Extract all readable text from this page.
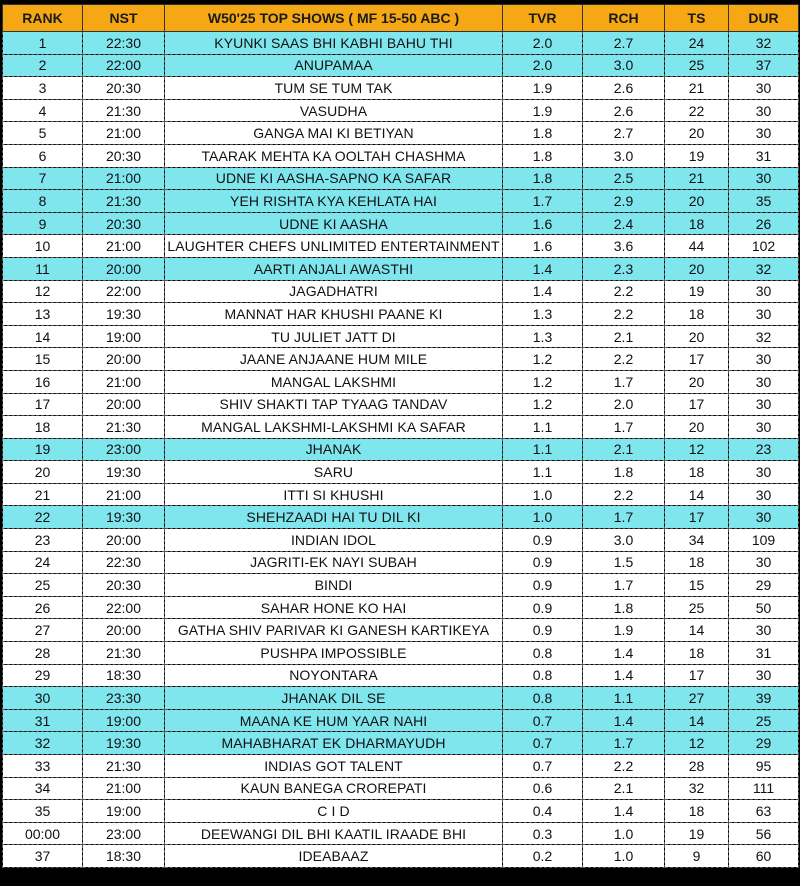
RANK	NST	W50'25 TOP SHOWS ( MF 15-50 ABC )	TVR	RCH	TS	DUR
1	22:30	KYUNKI SAAS BHI KABHI BAHU THI	2.0	2.7	24	32
2	22:00	ANUPAMAA	2.0	3.0	25	37
3	20:30	TUM SE TUM TAK	1.9	2.6	21	30
4	21:30	VASUDHA	1.9	2.6	22	30
5	21:00	GANGA MAI KI BETIYAN	1.8	2.7	20	30
6	20:30	TAARAK MEHTA KA OOLTAH CHASHMA	1.8	3.0	19	31
7	21:00	UDNE KI AASHA-SAPNO KA SAFAR	1.8	2.5	21	30
8	21:30	YEH RISHTA KYA KEHLATA HAI	1.7	2.9	20	35
9	20:30	UDNE KI AASHA	1.6	2.4	18	26
10	21:00	LAUGHTER CHEFS UNLIMITED ENTERTAINMENT	1.6	3.6	44	102
11	20:00	AARTI ANJALI AWASTHI	1.4	2.3	20	32
12	22:00	JAGADHATRI	1.4	2.2	19	30
13	19:30	MANNAT HAR KHUSHI PAANE KI	1.3	2.2	18	30
14	19:00	TU JULIET JATT DI	1.3	2.1	20	32
15	20:00	JAANE ANJAANE HUM MILE	1.2	2.2	17	30
16	21:00	MANGAL LAKSHMI	1.2	1.7	20	30
17	20:00	SHIV SHAKTI TAP TYAAG TANDAV	1.2	2.0	17	30
18	21:30	MANGAL LAKSHMI-LAKSHMI KA SAFAR	1.1	1.7	20	30
19	23:00	JHANAK	1.1	2.1	12	23
20	19:30	SARU	1.1	1.8	18	30
21	21:00	ITTI SI KHUSHI	1.0	2.2	14	30
22	19:30	SHEHZAADI HAI TU DIL KI	1.0	1.7	17	30
23	20:00	INDIAN IDOL	0.9	3.0	34	109
24	22:30	JAGRITI-EK NAYI SUBAH	0.9	1.5	18	30
25	20:30	BINDI	0.9	1.7	15	29
26	22:00	SAHAR HONE KO HAI	0.9	1.8	25	50
27	20:00	GATHA SHIV PARIVAR KI GANESH KARTIKEYA	0.9	1.9	14	30
28	21:30	PUSHPA IMPOSSIBLE	0.8	1.4	18	31
29	18:30	NOYONTARA	0.8	1.4	17	30
30	23:30	JHANAK DIL SE	0.8	1.1	27	39
31	19:00	MAANA KE HUM YAAR NAHI	0.7	1.4	14	25
32	19:30	MAHABHARAT EK DHARMAYUDH	0.7	1.7	12	29
33	21:30	INDIAS GOT TALENT	0.7	2.2	28	95
34	21:00	KAUN BANEGA CROREPATI	0.6	2.1	32	111
35	19:00	C I D	0.4	1.4	18	63
00:00	23:00	DEEWANGI DIL BHI KAATIL IRAADE BHI	0.3	1.0	19	56
37	18:30	IDEABAAZ	0.2	1.0	9	60
